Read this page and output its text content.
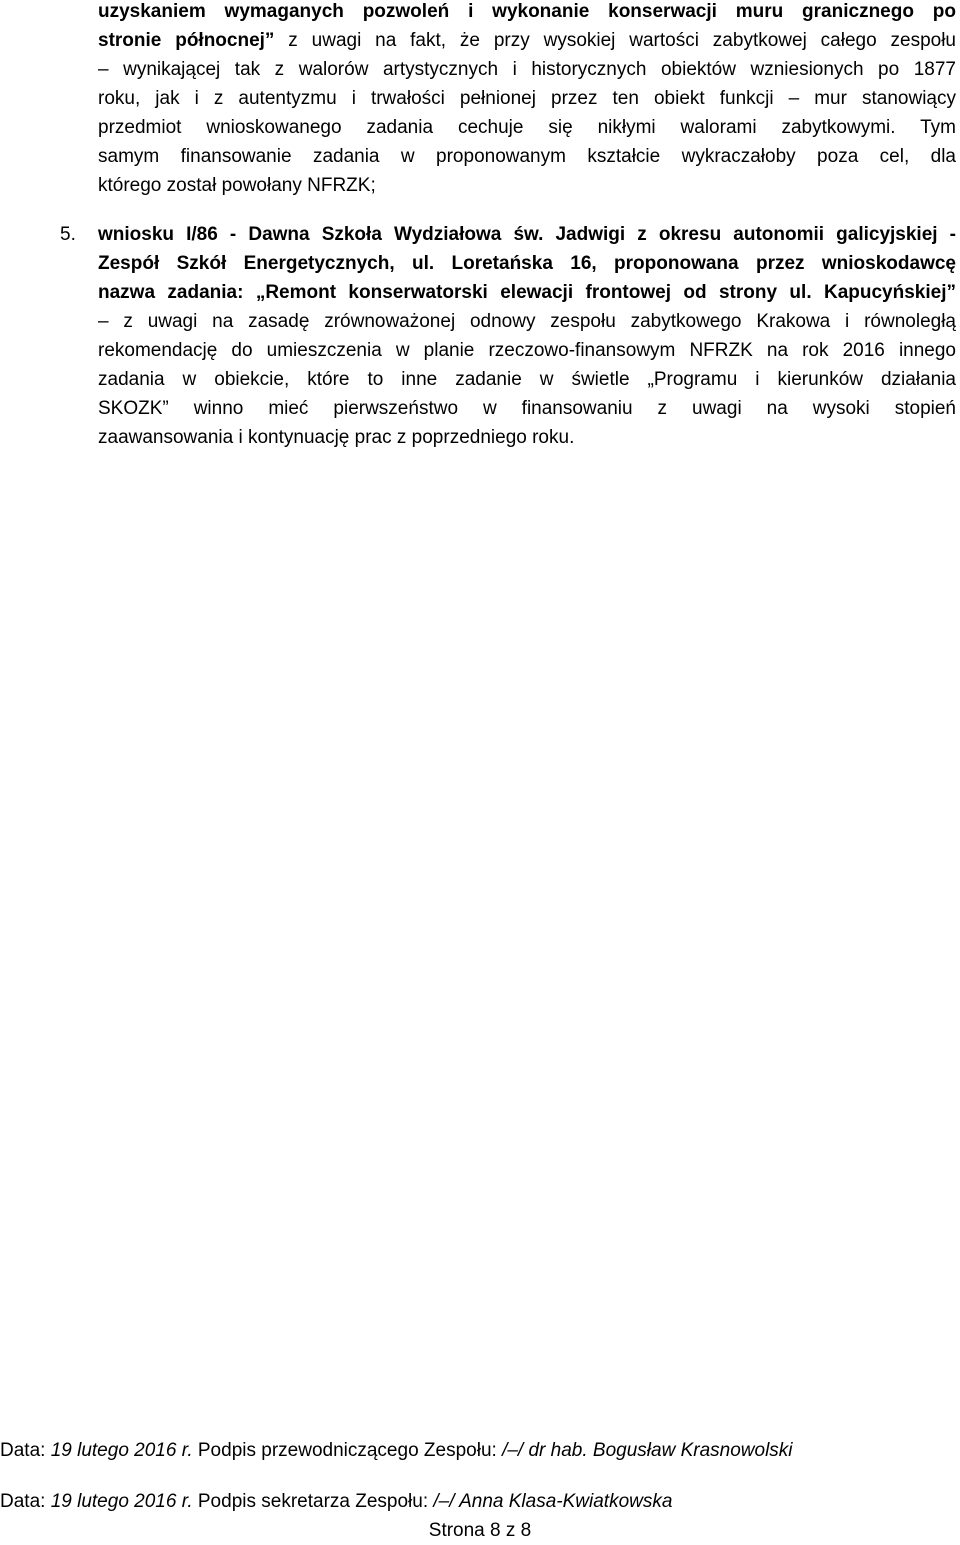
uzyskaniem wymaganych pozwoleń i wykonanie konserwacji muru granicznego po
stronie północnej” z uwagi na fakt, że przy wysokiej wartości zabytkowej całego zespołu
– wynikającej tak z walorów artystycznych i historycznych obiektów wzniesionych po 1877
roku, jak i z autentyzmu i trwałości pełnionej przez ten obiekt funkcji – mur stanowiący
przedmiot wnioskowanego zadania cechuje się nikłymi walorami zabytkowymi. Tym
samym finansowanie zadania w proponowanym kształcie wykraczałoby poza cel, dla
którego został powołany NFRZK;
5. wniosku I/86 - Dawna Szkoła Wydziałowa św. Jadwigi z okresu autonomii galicyjskiej -
Zespół Szkół Energetycznych, ul. Loretańska 16, proponowana przez wnioskodawcę
nazwa zadania: „Remont konserwatorski elewacji frontowej od strony ul. Kapucyńskiej”
– z uwagi na zasadę zrównoważonej odnowy zespołu zabytkowego Krakowa i równoległą
rekomendację do umieszczenia w planie rzeczowo-finansowym NFRZK na rok 2016 innego
zadania w obiekcie, które to inne zadanie w świetle „Programu i kierunków działania
SKOZK” winno mieć pierwszeństwo w finansowaniu z uwagi na wysoki stopień
zaawansowania i kontynuację prac z poprzedniego roku.
Data: 19 lutego 2016 r. Podpis przewodniczącego Zespołu: /–/ dr hab. Bogusław Krasnowolski
Data: 19 lutego 2016 r. Podpis sekretarza Zespołu: /–/ Anna Klasa-Kwiatkowska
Strona 8 z 8
